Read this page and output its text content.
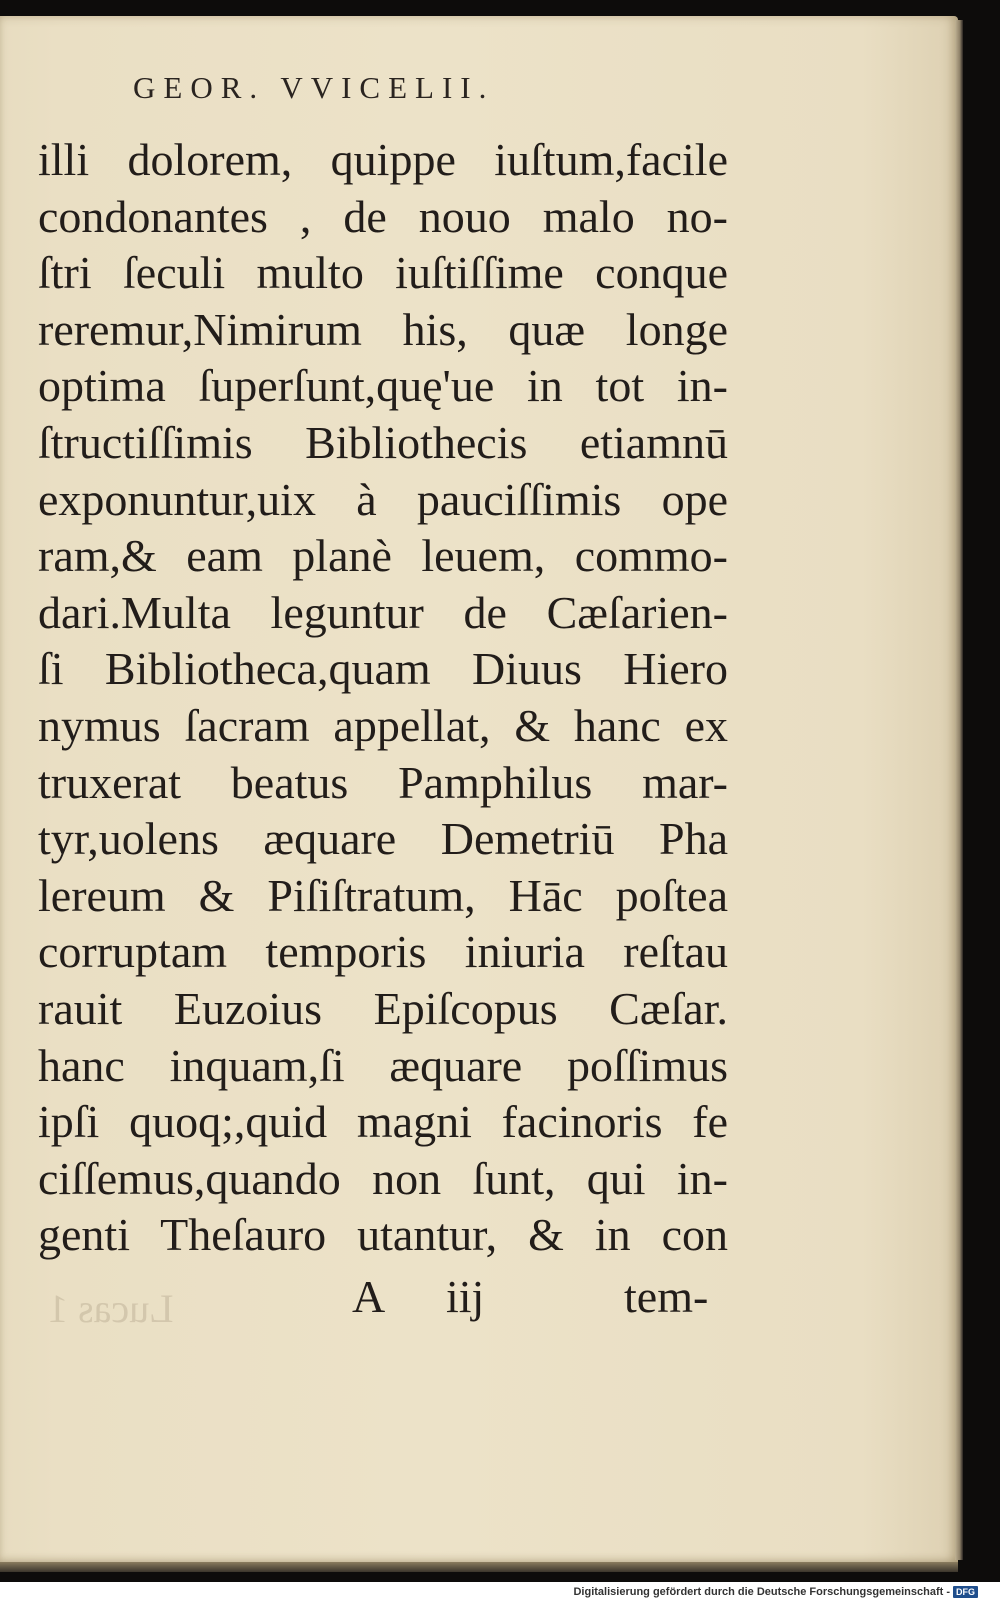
GEOR. VVICELII.
illi dolorem, quippe iuſtum,facile
condonantes , de nouo malo no-
ſtri ſeculi multo iuſtiſſime conque
reremur,Nimirum his, quæ longe
optima ſuperſunt,quę'ue in tot in-
ſtructiſſimis Bibliothecis etiamnū
exponuntur,uix à pauciſſimis ope
ram,& eam planè leuem, commo-
dari.Multa leguntur de Cæſarien-
ſi Bibliotheca,quam Diuus Hiero
nymus ſacram appellat, & hanc ex
truxerat beatus Pamphilus mar-
tyr,uolens æquare Demetriū Pha
lereum & Piſiſtratum, Hāc poſtea
corruptam temporis iniuria reſtau
rauit Euzoius Epiſcopus Cæſar.
hanc inquam,ſi æquare poſſimus
ipſi quoq;,quid magni facinoris fe
ciſſemus,quando non ſunt, qui in-
genti Theſauro utantur, & in con
Lucas 1	A iij	tem-
Digitalisierung gefördert durch die Deutsche Forschungsgemeinschaft - DFG
